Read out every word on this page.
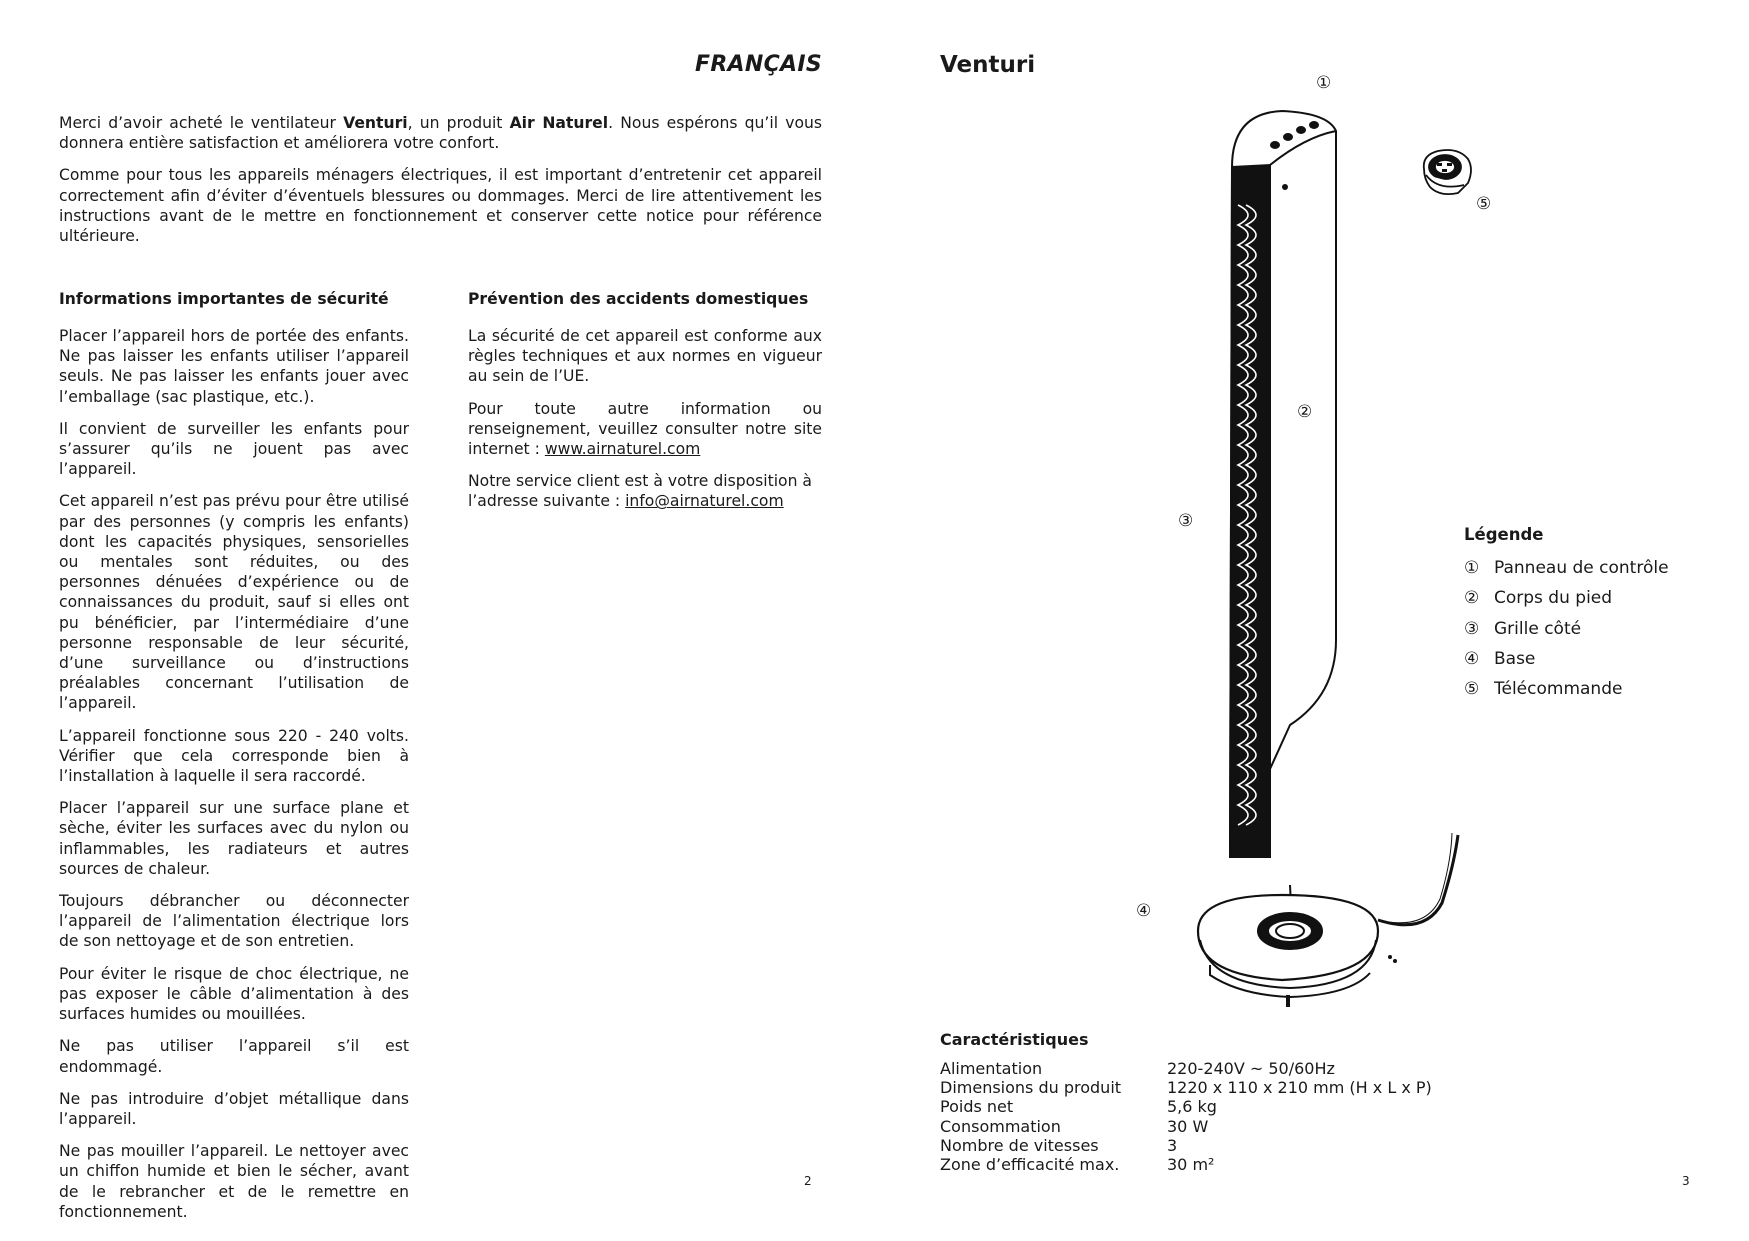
FRANÇAIS

Merci d’avoir acheté le ventilateur Venturi, un produit Air Naturel. Nous espérons qu’il vous donnera entière satisfaction et améliorera votre confort.

Comme pour tous les appareils ménagers électriques, il est important d’entretenir cet appareil correctement afin d’éviter d’éventuels blessures ou dommages. Merci de lire attentivement les instructions avant de le mettre en fonctionnement et conserver cette notice pour référence ultérieure.

Informations importantes de sécurité

Placer l’appareil hors de portée des enfants. Ne pas laisser les enfants utiliser l’appareil seuls. Ne pas laisser les enfants jouer avec l’emballage (sac plastique, etc.).

Il convient de surveiller les enfants pour s’assurer qu’ils ne jouent pas avec l’appareil.

Cet appareil n’est pas prévu pour être utilisé par des personnes (y compris les enfants) dont les capacités physiques, sensorielles ou mentales sont réduites, ou des personnes dénuées d’expérience ou de connaissances du produit, sauf si elles ont pu bénéficier, par l’intermédiaire d’une personne responsable de leur sécurité, d’une surveillance ou d’instructions préalables concernant l’utilisation de l’appareil.

L’appareil fonctionne sous 220 - 240 volts. Vérifier que cela corresponde bien à l’installation à laquelle il sera raccordé.

Placer l’appareil sur une surface plane et sèche, éviter les surfaces avec du nylon ou inflammables, les radiateurs et autres sources de chaleur.

Toujours débrancher ou déconnecter l’appareil de l’alimentation électrique lors de son nettoyage et de son entretien.

Pour éviter le risque de choc électrique, ne pas exposer le câble d’alimentation à des surfaces humides ou mouillées.

Ne pas utiliser l’appareil s’il est endommagé.

Ne pas introduire d’objet métallique dans l’appareil.

Ne pas mouiller l’appareil. Le nettoyer avec un chiffon humide et bien le sécher, avant de le rebrancher et de le remettre en fonctionnement.

Prévention des accidents domestiques

La sécurité de cet appareil est conforme aux règles techniques et aux normes en vigueur au sein de l’UE.

Pour toute autre information ou renseignement, veuillez consulter notre site internet : www.airnaturel.com

Notre service client est à votre disposition à l’adresse suivante : info@airnaturel.com

2
Venturi
①
⑤
②
③
④
Légende
① Panneau de contrôle
② Corps du pied
③ Grille côté
④ Base
⑤ Télécommande
Caractéristiques
Alimentation	220-240V ~ 50/60Hz
Dimensions du produit	1220 x 110 x 210 mm (H x L x P)
Poids net	5,6 kg
Consommation	30 W
Nombre de vitesses	3
Zone d’efficacité max.	30 m²
3
